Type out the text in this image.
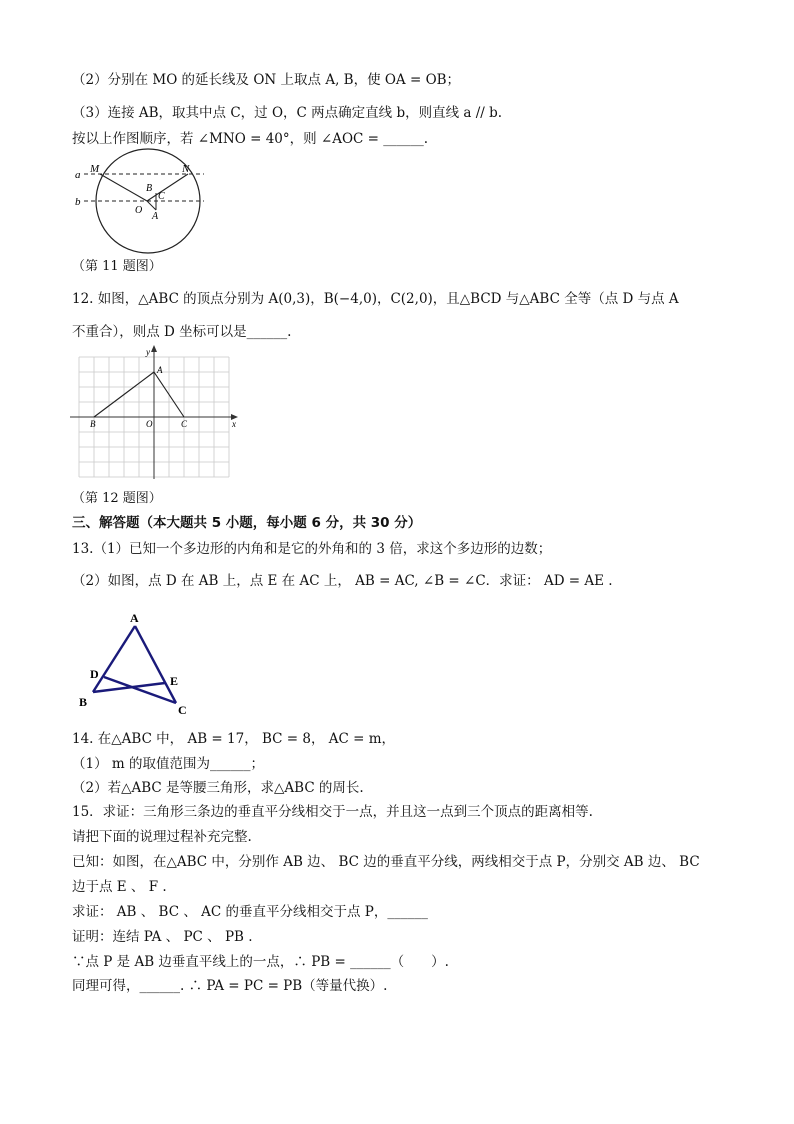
（2）分别在 MO 的延长线及 ON 上取点 A, B，使 OA = OB；
（3）连接 AB，取其中点 C，过 O，C 两点确定直线 b，则直线 a // b.
按以上作图顺序，若 ∠MNO = 40°，则 ∠AOC = ______.
a
b
M	N
B
C
O
A
（第 11 题图）
12. 如图，△ABC 的顶点分别为 A(0,3)，B(−4,0)，C(2,0)，且△BCD 与△ABC 全等（点 D 与点 A
不重合），则点 D 坐标可以是______.
y
x
A
B	O	C
（第 12 题图）
三、解答题（本大题共 5 小题，每小题 6 分，共 30 分）
13.（1）已知一个多边形的内角和是它的外角和的 3 倍，求这个多边形的边数；
（2）如图，点 D 在 AB 上，点 E 在 AC 上， AB = AC, ∠B = ∠C．求证： AD = AE .
A
D	E
B
C
14. 在△ABC 中， AB = 17， BC = 8， AC = m，
（1） m 的取值范围为______；
（2）若△ABC 是等腰三角形，求△ABC 的周长.
15．求证：三角形三条边的垂直平分线相交于一点，并且这一点到三个顶点的距离相等.
请把下面的说理过程补充完整.
已知：如图，在△ABC 中，分别作 AB 边、 BC 边的垂直平分线，两线相交于点 P，分别交 AB 边、 BC
边于点 E 、 F .
求证： AB 、 BC 、 AC 的垂直平分线相交于点 P，______
证明：连结 PA 、 PC 、 PB .
∵点 P 是 AB 边垂直平线上的一点，∴ PB = ______（　　）.
同理可得，______. ∴ PA = PC = PB（等量代换）.
